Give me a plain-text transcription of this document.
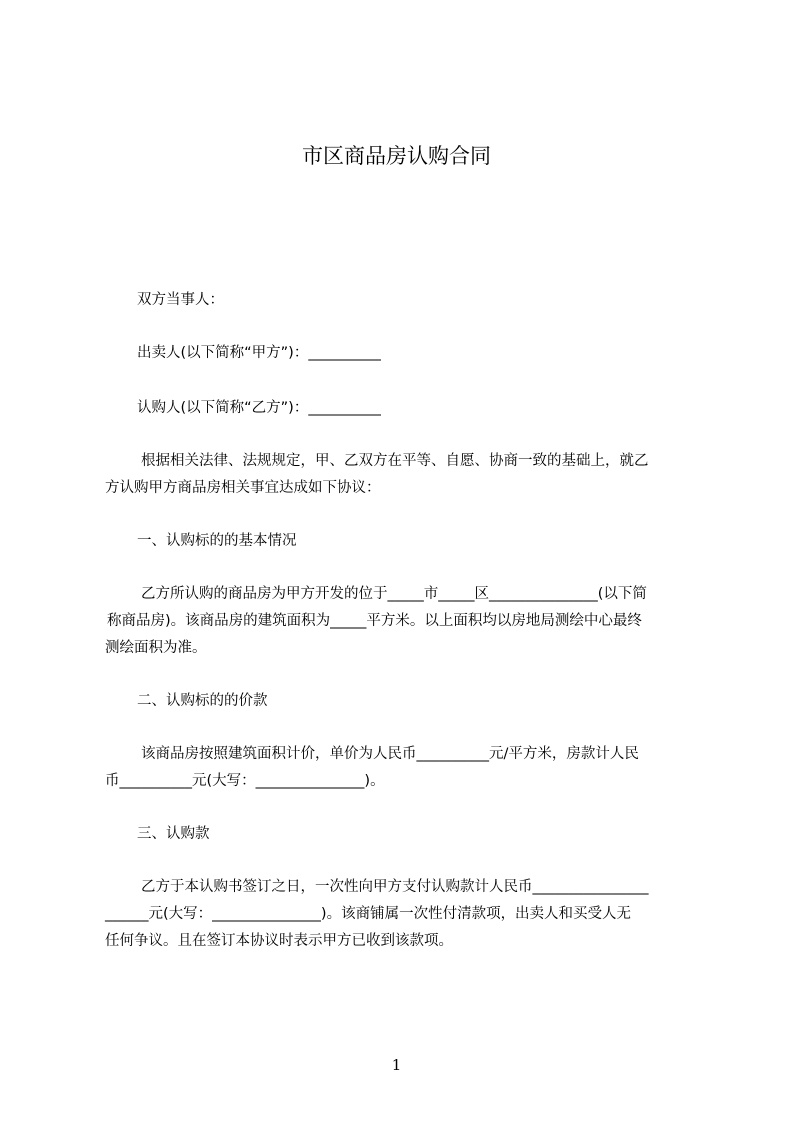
市区商品房认购合同

双方当事人：

出卖人(以下简称“甲方”)：__________

认购人(以下简称“乙方”)：__________

根据相关法律、法规规定，甲、乙双方在平等、自愿、协商一致的基础上，就乙

方认购甲方商品房相关事宜达成如下协议：

一、认购标的的基本情况

乙方所认购的商品房为甲方开发的位于_____市_____区_______________(以下简

称商品房)。该商品房的建筑面积为_____平方米。以上面积均以房地局测绘中心最终

测绘面积为准。

二、认购标的的价款

该商品房按照建筑面积计价，单价为人民币__________元/平方米，房款计人民

币__________元(大写：_______________)。

三、认购款

乙方于本认购书签订之日，一次性向甲方支付认购款计人民币________________

______元(大写：_______________)。该商铺属一次性付清款项，出卖人和买受人无

任何争议。且在签订本协议时表示甲方已收到该款项。

1
